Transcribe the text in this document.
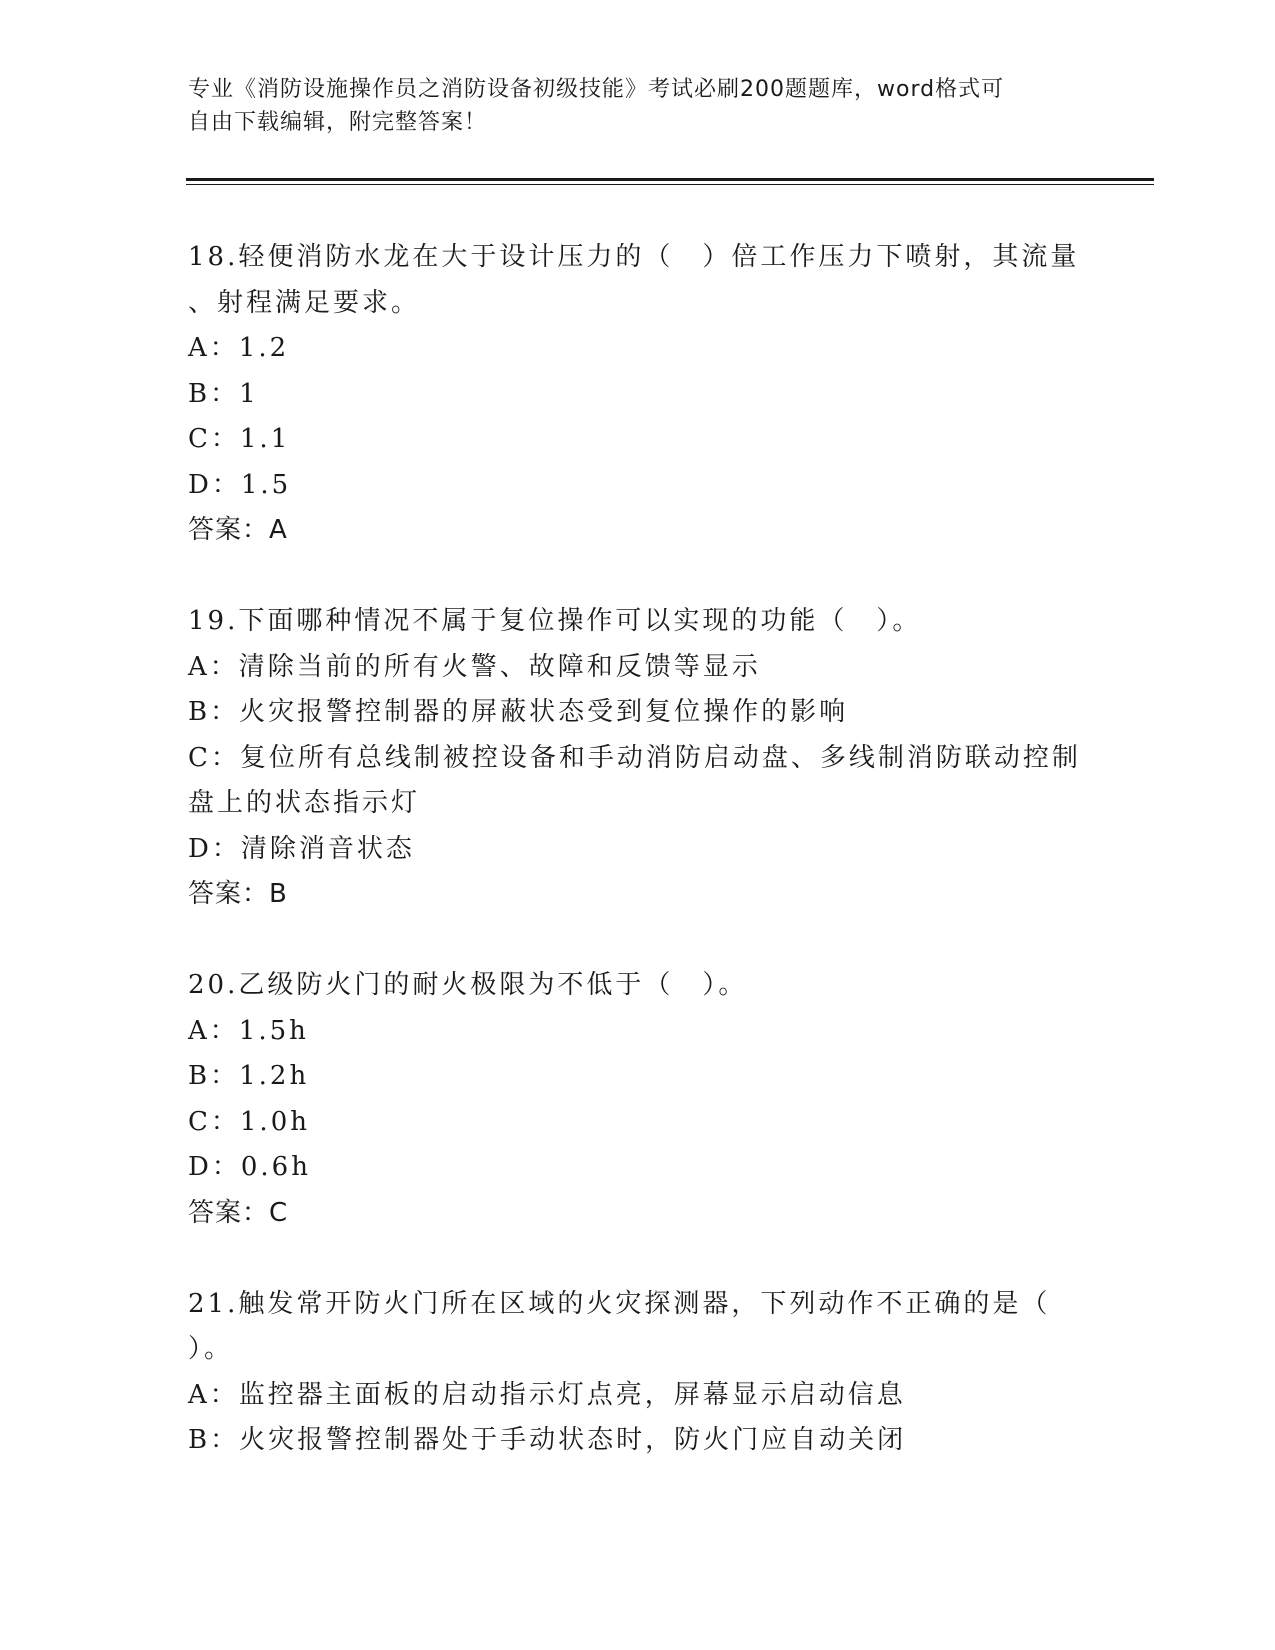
专业《消防设施操作员之消防设备初级技能》考试必刷200题题库，word格式可

自由下载编辑，附完整答案！

18.轻便消防水龙在大于设计压力的（　）倍工作压力下喷射，其流量

、射程满足要求。

A：1.2

B：1

C：1.1

D：1.5

答案：A

19.下面哪种情况不属于复位操作可以实现的功能（　）。

A：清除当前的所有火警、故障和反馈等显示

B：火灾报警控制器的屏蔽状态受到复位操作的影响

C：复位所有总线制被控设备和手动消防启动盘、多线制消防联动控制

盘上的状态指示灯

D：清除消音状态

答案：B

20.乙级防火门的耐火极限为不低于（　）。

A：1.5h

B：1.2h

C：1.0h

D：0.6h

答案：C

21.触发常开防火门所在区域的火灾探测器，下列动作不正确的是（

）。

A：监控器主面板的启动指示灯点亮，屏幕显示启动信息

B：火灾报警控制器处于手动状态时，防火门应自动关闭
